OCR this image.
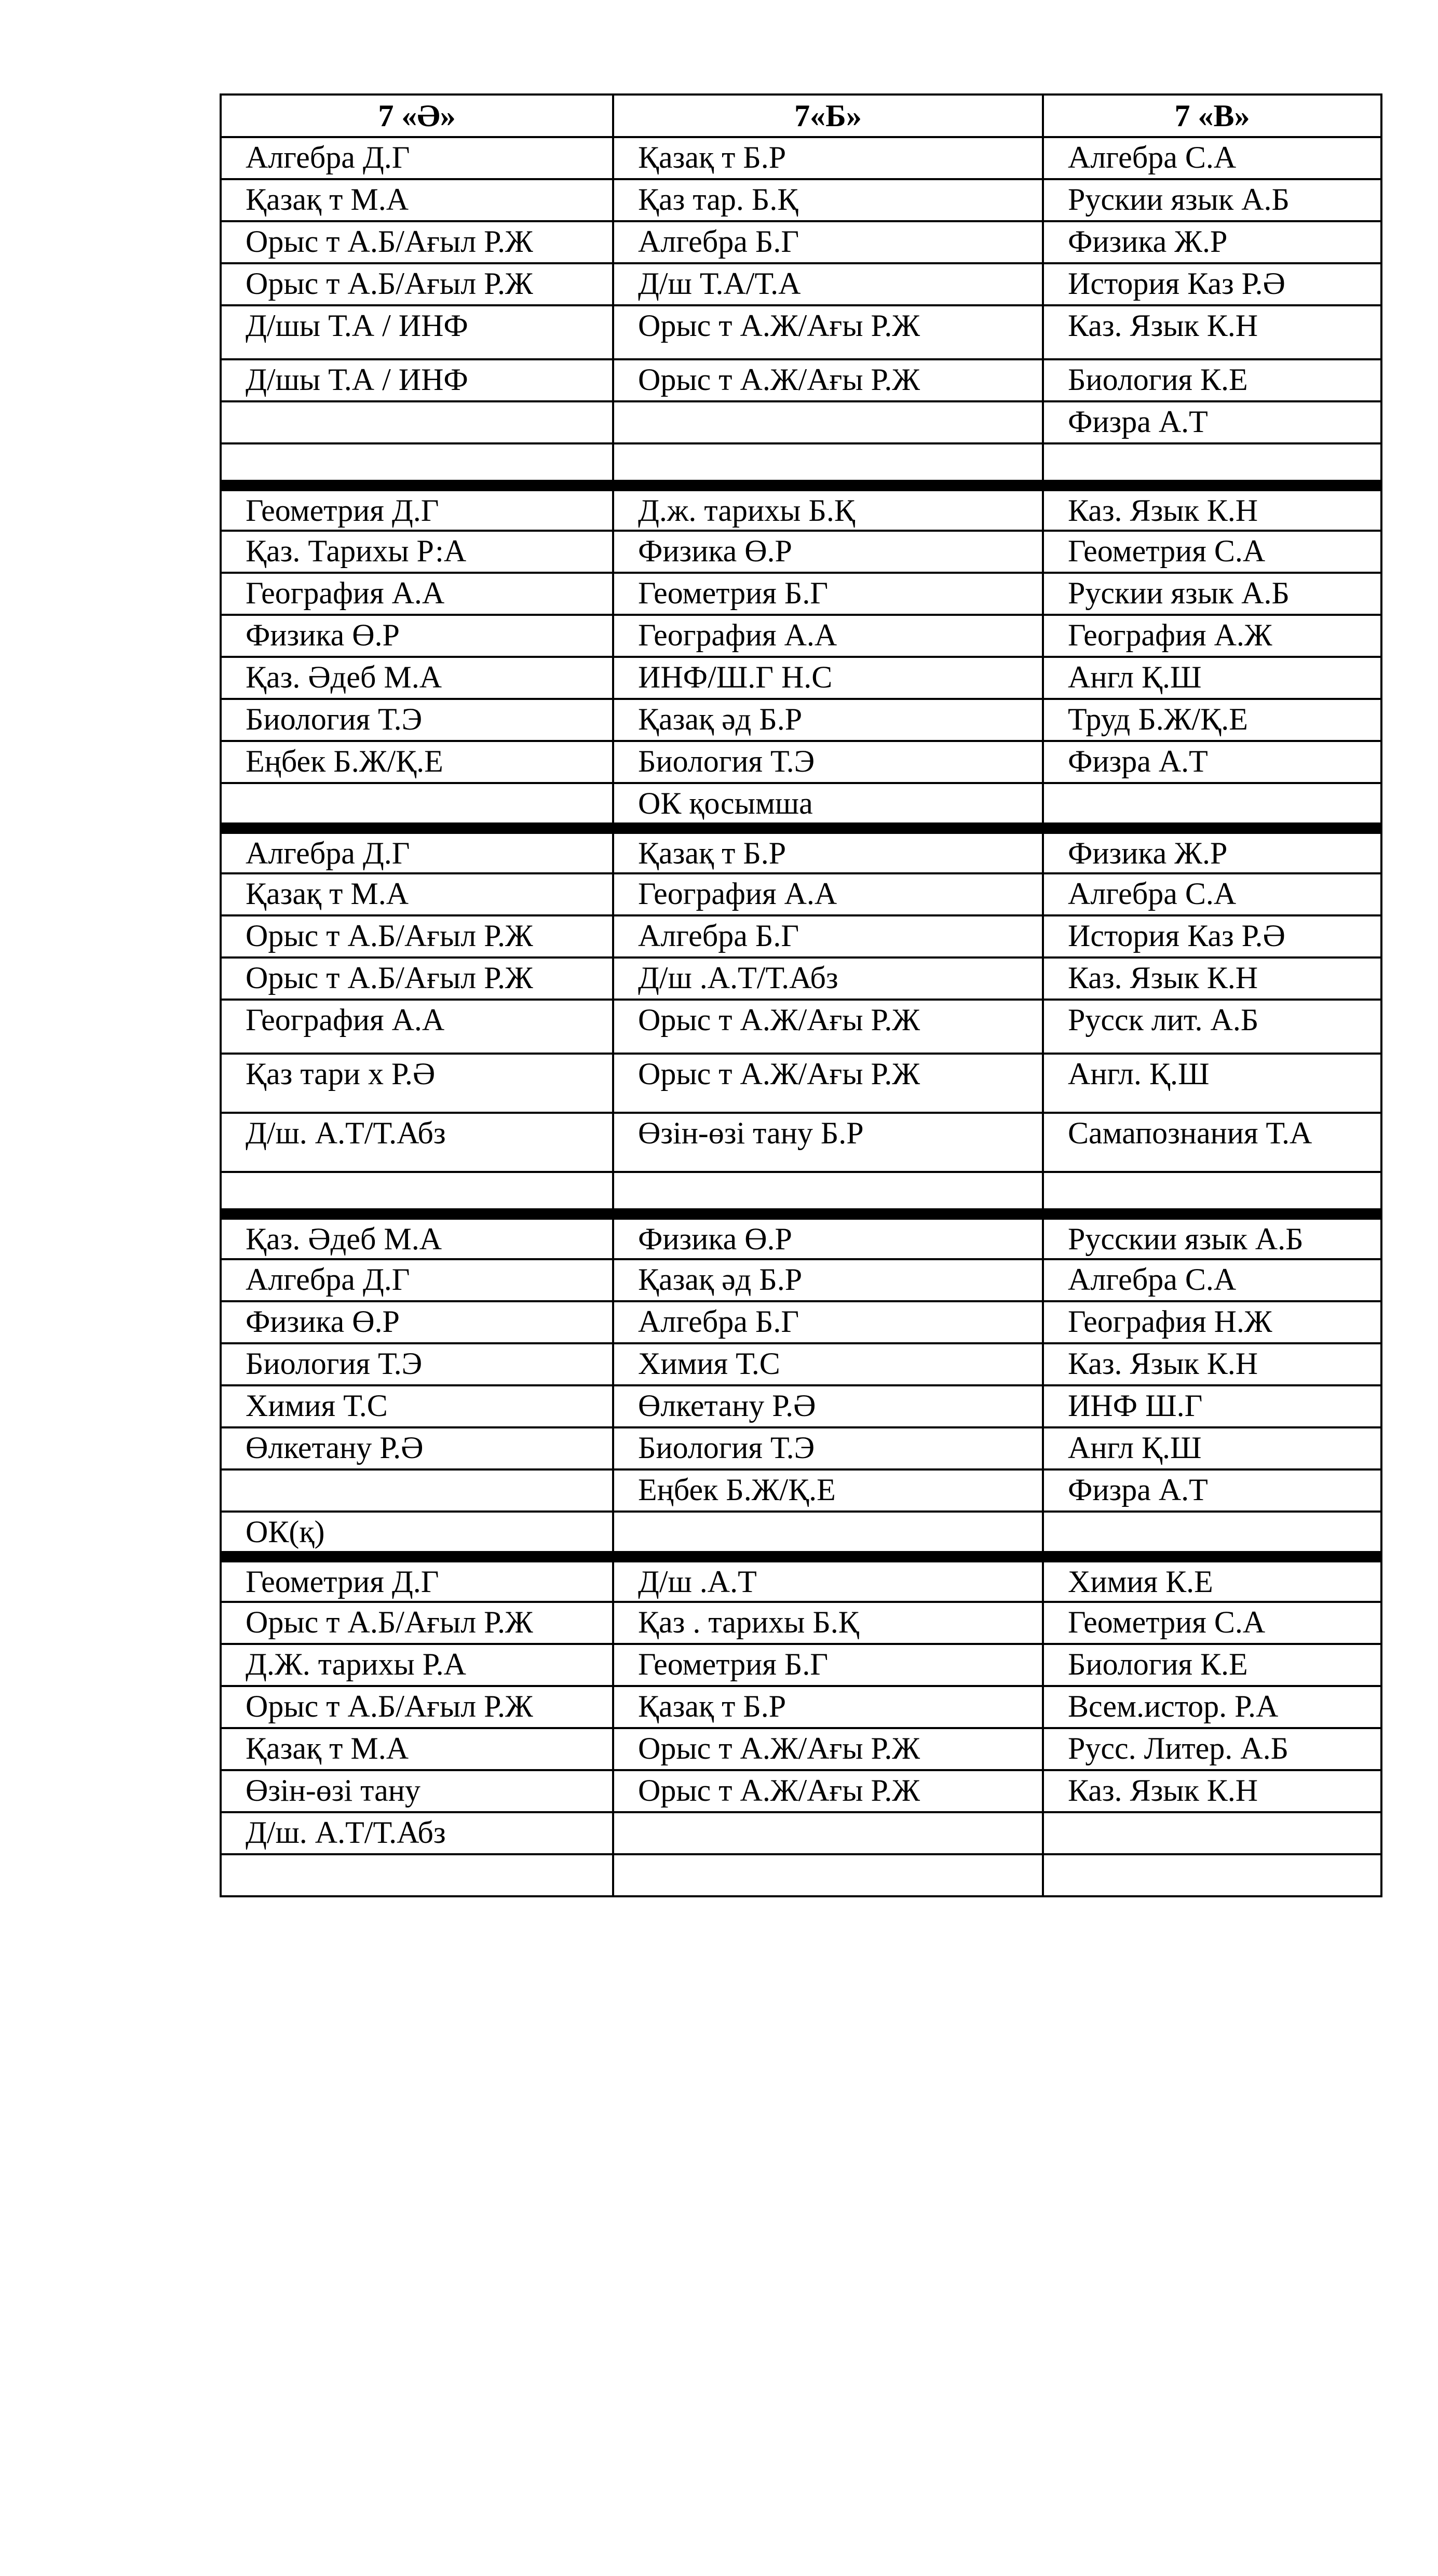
7 «Ә»	7«Б»	7 «В»
Алгебра Д.Г	Қазақ т Б.Р	Алгебра С.А
Қазақ т М.А	Қаз тар. Б.Қ	Рускии язык А.Б
Орыс т А.Б/Ағыл Р.Ж	Алгебра Б.Г	Физика Ж.Р
Орыс т А.Б/Ағыл Р.Ж	Д/ш Т.А/Т.А	История Каз Р.Ә
Д/шы Т.А / ИНФ	Орыс т А.Ж/Ағы Р.Ж	Каз. Язык К.Н
Д/шы Т.А / ИНФ	Орыс т А.Ж/Ағы Р.Ж	Биология К.Е
		Физра А.Т

Геометрия Д.Г	Д.ж. тарихы Б.Қ	Каз. Язык К.Н
Қаз. Тарихы Р:А	Физика Ө.Р	Геометрия С.А
География А.А	Геометрия Б.Г	Рускии язык А.Б
Физика Ө.Р	География А.А	География А.Ж
Қаз. Әдеб М.А	ИНФ/Ш.Г Н.С	Англ Қ.Ш
Биология Т.Э	Қазақ әд Б.Р	Труд Б.Ж/Қ.Е
Еңбек Б.Ж/Қ.Е	Биология Т.Э	Физра А.Т
	ОК қосымша	
Алгебра Д.Г	Қазақ т Б.Р	Физика Ж.Р
Қазақ т М.А	География А.А	Алгебра С.А
Орыс т А.Б/Ағыл Р.Ж	Алгебра Б.Г	История Каз Р.Ә
Орыс т А.Б/Ағыл Р.Ж	Д/ш .А.Т/Т.Абз	Каз. Язык К.Н
География А.А	Орыс т А.Ж/Ағы Р.Ж	Русск лит. А.Б
Қаз тари х Р.Ә	Орыс т А.Ж/Ағы Р.Ж	Англ. Қ.Ш
Д/ш. А.Т/Т.Абз	Өзін-өзі тану Б.Р	Самапознания Т.А

Қаз. Әдеб М.А	Физика Ө.Р	Русскии язык А.Б
Алгебра Д.Г	Қазақ әд Б.Р	Алгебра С.А
Физика Ө.Р	Алгебра Б.Г	География Н.Ж
Биология Т.Э	Химия Т.С	Каз. Язык К.Н
Химия Т.С	Өлкетану Р.Ә	ИНФ Ш.Г
Өлкетану Р.Ә	Биология Т.Э	Англ Қ.Ш
	Еңбек Б.Ж/Қ.Е	Физра А.Т
ОК(қ)		
Геометрия Д.Г	Д/ш .А.Т	Химия К.Е
Орыс т А.Б/Ағыл Р.Ж	Қаз . тарихы Б.Қ	Геометрия С.А
Д.Ж. тарихы Р.А	Геометрия Б.Г	Биология К.Е
Орыс т А.Б/Ағыл Р.Ж	Қазақ т Б.Р	Всем.истор. Р.А
Қазақ т М.А	Орыс т А.Ж/Ағы Р.Ж	Русс. Литер. А.Б
Өзін-өзі тану	Орыс т А.Ж/Ағы Р.Ж	Каз. Язык К.Н
Д/ш. А.Т/Т.Абз		
